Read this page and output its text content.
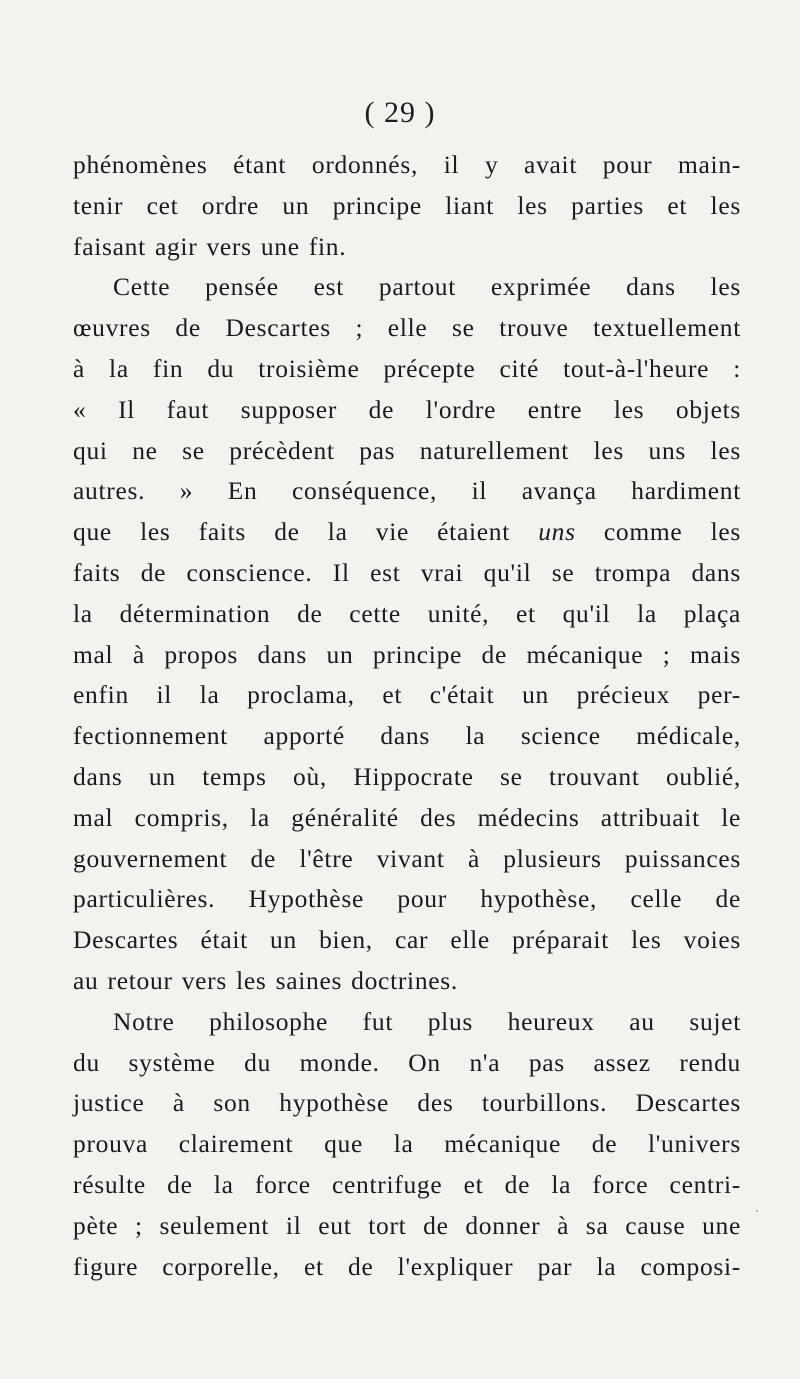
( 29 )
phénomènes étant ordonnés, il y avait pour main-
tenir cet ordre un principe liant les parties et les
faisant agir vers une fin.
Cette pensée est partout exprimée dans les
œuvres de Descartes ; elle se trouve textuellement
à la fin du troisième précepte cité tout-à-l'heure :
« Il faut supposer de l'ordre entre les objets
qui ne se précèdent pas naturellement les uns les
autres. » En conséquence, il avança hardiment
que les faits de la vie étaient uns comme les
faits de conscience. Il est vrai qu'il se trompa dans
la détermination de cette unité, et qu'il la plaça
mal à propos dans un principe de mécanique ; mais
enfin il la proclama, et c'était un précieux per-
fectionnement apporté dans la science médicale,
dans un temps où, Hippocrate se trouvant oublié,
mal compris, la généralité des médecins attribuait le
gouvernement de l'être vivant à plusieurs puissances
particulières. Hypothèse pour hypothèse, celle de
Descartes était un bien, car elle préparait les voies
au retour vers les saines doctrines.
Notre philosophe fut plus heureux au sujet
du système du monde. On n'a pas assez rendu
justice à son hypothèse des tourbillons. Descartes
prouva clairement que la mécanique de l'univers
résulte de la force centrifuge et de la force centri-
pète ; seulement il eut tort de donner à sa cause une
figure corporelle, et de l'expliquer par la composi-
